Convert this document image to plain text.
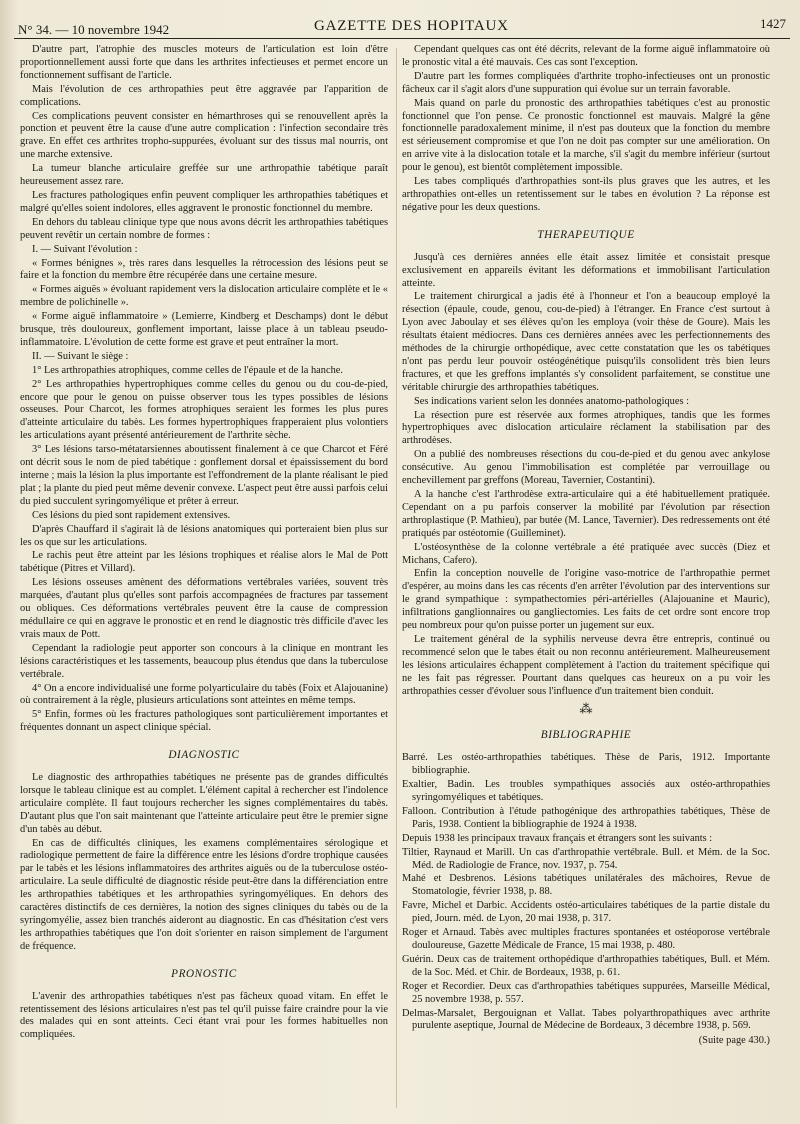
N° 34. — 10 novembre 1942	GAZETTE DES HOPITAUX	1427

D'autre part, l'atrophie des muscles moteurs de l'articulation est loin d'être proportionnellement aussi forte que dans les arthrites infectieuses et permet encore un fonctionnement suffisant de l'article.

Mais l'évolution de ces arthropathies peut être aggravée par l'apparition de complications.

Ces complications peuvent consister en hémarthroses qui se renouvellent après la ponction et peuvent être la cause d'une autre complication : l'infection secondaire très grave. En effet ces arthrites tropho-suppurées, évoluant sur des tissus mal nourris, ont une marche extensive.

La tumeur blanche articulaire greffée sur une arthropathie tabétique paraît heureusement assez rare.

Les fractures pathologiques enfin peuvent compliquer les arthropathies tabétiques et malgré qu'elles soient indolores, elles aggravent le pronostic fonctionnel du membre.

En dehors du tableau clinique type que nous avons décrit les arthropathies tabétiques peuvent revêtir un certain nombre de formes :

I. — Suivant l'évolution :

« Formes bénignes », très rares dans lesquelles la rétrocession des lésions peut se faire et la fonction du membre être récupérée dans une certaine mesure.

« Formes aiguës » évoluant rapidement vers la dislocation articulaire complète et le « membre de polichinelle ».

« Forme aiguë inflammatoire » (Lemierre, Kindberg et Deschamps) dont le début brusque, très douloureux, gonflement important, laisse place à un tableau pseudo-inflammatoire. L'évolution de cette forme est grave et peut entraîner la mort.

II. — Suivant le siège :

1° Les arthropathies atrophiques, comme celles de l'épaule et de la hanche.

2° Les arthropathies hypertrophiques comme celles du genou ou du cou-de-pied, encore que pour le genou on puisse observer tous les types possibles de lésions osseuses. Pour Charcot, les formes atrophiques seraient les formes les plus pures d'atteinte articulaire du tabès. Les formes hypertrophiques frapperaient plus volontiers les articulations ayant présenté antérieurement de l'arthrite sèche.

3° Les lésions tarso-métatarsiennes aboutissent finalement à ce que Charcot et Féré ont décrit sous le nom de pied tabétique : gonflement dorsal et épaississement du bord interne ; mais la lésion la plus importante est l'effondrement de la plante réalisant le pied plat ; la plante du pied peut même devenir convexe. L'aspect peut être aussi parfois celui du pied succulent syringomyélique et prêter à erreur.

Ces lésions du pied sont rapidement extensives.

D'après Chauffard il s'agirait là de lésions anatomiques qui porteraient bien plus sur les os que sur les articulations.

Le rachis peut être atteint par les lésions trophiques et réalise alors le Mal de Pott tabétique (Pitres et Villard).

Les lésions osseuses amènent des déformations vertébrales variées, souvent très marquées, d'autant plus qu'elles sont parfois accompagnées de fractures par tassement ou obliques. Ces déformations vertébrales peuvent être la cause de compression médullaire ce qui en aggrave le pronostic et en rend le diagnostic très difficile d'avec les vrais maux de Pott.

Cependant la radiologie peut apporter son concours à la clinique en montrant les lésions caractéristiques et les tassements, beaucoup plus étendus que dans la tuberculose vertébrale.

4° On a encore individualisé une forme polyarticulaire du tabès (Foix et Alajouanine) où contrairement à la règle, plusieurs articulations sont atteintes en même temps.

5° Enfin, formes où les fractures pathologiques sont particulièrement importantes et fréquentes donnant un aspect clinique spécial.

DIAGNOSTIC

Le diagnostic des arthropathies tabétiques ne présente pas de grandes difficultés lorsque le tableau clinique est au complet. L'élément capital à rechercher est l'indolence articulaire complète. Il faut toujours rechercher les signes complémentaires du tabès. D'autant plus que l'on sait maintenant que l'atteinte articulaire peut être le premier signe d'un tabès au début.

En cas de difficultés cliniques, les examens complémentaires sérologique et radiologique permettent de faire la différence entre les lésions d'ordre trophique causées par le tabès et les lésions inflammatoires des arthrites aiguës ou de la tuberculose ostéo-articulaire. La seule difficulté de diagnostic réside peut-être dans la différenciation entre les arthropathies tabétiques et les arthropathies syringomyéliques. En dehors des caractères distinctifs de ces dernières, la notion des signes cliniques du tabès ou de la syringomyélie, assez bien tranchés aideront au diagnostic. En cas d'hésitation c'est vers les arthropathies tabétiques que l'on doit s'orienter en raison simplement de l'argument de fréquence.

PRONOSTIC

L'avenir des arthropathies tabétiques n'est pas fâcheux quoad vitam. En effet le retentissement des lésions articulaires n'est pas tel qu'il puisse faire craindre pour la vie des malades qui en sont atteints. Ceci étant vrai pour les formes habituelles non compliquées.

Cependant quelques cas ont été décrits, relevant de la forme aiguë inflammatoire où le pronostic vital a été mauvais. Ces cas sont l'exception.

D'autre part les formes compliquées d'arthrite tropho-infectieuses ont un pronostic fâcheux car il s'agit alors d'une suppuration qui évolue sur un terrain favorable.

Mais quand on parle du pronostic des arthropathies tabétiques c'est au pronostic fonctionnel que l'on pense. Ce pronostic fonctionnel est mauvais. Malgré la gêne fonctionnelle paradoxalement minime, il n'est pas douteux que la fonction du membre est sérieusement compromise et que l'on ne doit pas compter sur une amélioration. On en arrive vite à la dislocation totale et la marche, s'il s'agit du membre inférieur (surtout pour le genou), est bientôt complètement impossible.

Les tabes compliqués d'arthropathies sont-ils plus graves que les autres, et les arthropathies ont-elles un retentissement sur le tabes en évolution ? La réponse est négative pour les deux questions.

THERAPEUTIQUE

Jusqu'à ces dernières années elle était assez limitée et consistait presque exclusivement en appareils évitant les déformations et immobilisant l'articulation atteinte.

Le traitement chirurgical a jadis été à l'honneur et l'on a beaucoup employé la résection (épaule, coude, genou, cou-de-pied) à l'étranger. En France c'est surtout à Lyon avec Jaboulay et ses élèves qu'on les employa (voir thèse de Goure). Mais les résultats étaient médiocres. Dans ces dernières années avec les perfectionnements des méthodes de la chirurgie orthopédique, avec cette constatation que les os tabétiques n'ont pas perdu leur pouvoir ostéogénétique puisqu'ils consolident très bien leurs fractures, et que les greffons implantés s'y consolident parfaitement, se constitue une véritable chirurgie des arthropathies tabétiques.

Ses indications varient selon les données anatomo-pathologiques :

La résection pure est réservée aux formes atrophiques, tandis que les formes hypertrophiques avec dislocation articulaire réclament la stabilisation par des arthrodèses.

On a publié des nombreuses résections du cou-de-pied et du genou avec ankylose consécutive. Au genou l'immobilisation est complétée par verrouillage ou enchevillement par greffons (Moreau, Tavernier, Costantini).

A la hanche c'est l'arthrodèse extra-articulaire qui a été habituellement pratiquée. Cependant on a pu parfois conserver la mobilité par l'évolution par résection arthroplastique (P. Mathieu), par butée (M. Lance, Tavernier). Des redressements ont été pratiqués par ostéotomie (Guilleminet).

L'ostéosynthèse de la colonne vertébrale a été pratiquée avec succès (Diez et Michans, Cafero).

Enfin la conception nouvelle de l'origine vaso-motrice de l'arthropathie permet d'espérer, au moins dans les cas récents d'en arrêter l'évolution par des interventions sur le grand sympathique : sympathectomies péri-artérielles (Alajouanine et Mauric), infiltrations ganglionnaires ou gangliectomies. Les faits de cet ordre sont encore trop peu nombreux pour qu'on puisse porter un jugement sur eux.

Le traitement général de la syphilis nerveuse devra être entrepris, continué ou recommencé selon que le tabes était ou non reconnu antérieurement. Malheureusement les lésions articulaires échappent complètement à l'action du traitement spécifique qui ne les fait pas régresser. Pourtant dans quelques cas heureux on a pu voir les arthropathies cesser d'évoluer sous l'influence d'un traitement bien conduit.

⁂
BIBLIOGRAPHIE

Barré. Les ostéo-arthropathies tabétiques. Thèse de Paris, 1912. Importante bibliographie.

Exaltier, Badin. Les troubles sympathiques associés aux ostéo-arthropathies syringomyéliques et tabétiques.

Falloon. Contribution à l'étude pathogénique des arthropathies tabétiques, Thèse de Paris, 1938. Contient la bibliographie de 1924 à 1938.

Depuis 1938 les principaux travaux français et étrangers sont les suivants :

Tiltier, Raynaud et Marill. Un cas d'arthropathie vertébrale. Bull. et Mém. de la Soc. Méd. de Radiologie de France, nov. 1937, p. 754.

Mahé et Desbrenos. Lésions tabétiques unilatérales des mâchoires, Revue de Stomatologie, février 1938, p. 88.

Favre, Michel et Darbic. Accidents ostéo-articulaires tabétiques de la partie distale du pied, Journ. méd. de Lyon, 20 mai 1938, p. 317.

Roger et Arnaud. Tabès avec multiples fractures spontanées et ostéoporose vertébrale douloureuse, Gazette Médicale de France, 15 mai 1938, p. 480.

Guérin. Deux cas de traitement orthopédique d'arthropathies tabétiques, Bull. et Mém. de la Soc. Méd. et Chir. de Bordeaux, 1938, p. 61.

Roger et Recordier. Deux cas d'arthropathies tabétiques suppurées, Marseille Médical, 25 novembre 1938, p. 557.

Delmas-Marsalet, Bergouignan et Vallat. Tabes polyarthropathiques avec arthrite purulente aseptique, Journal de Médecine de Bordeaux, 3 décembre 1938, p. 569.

(Suite page 430.)
